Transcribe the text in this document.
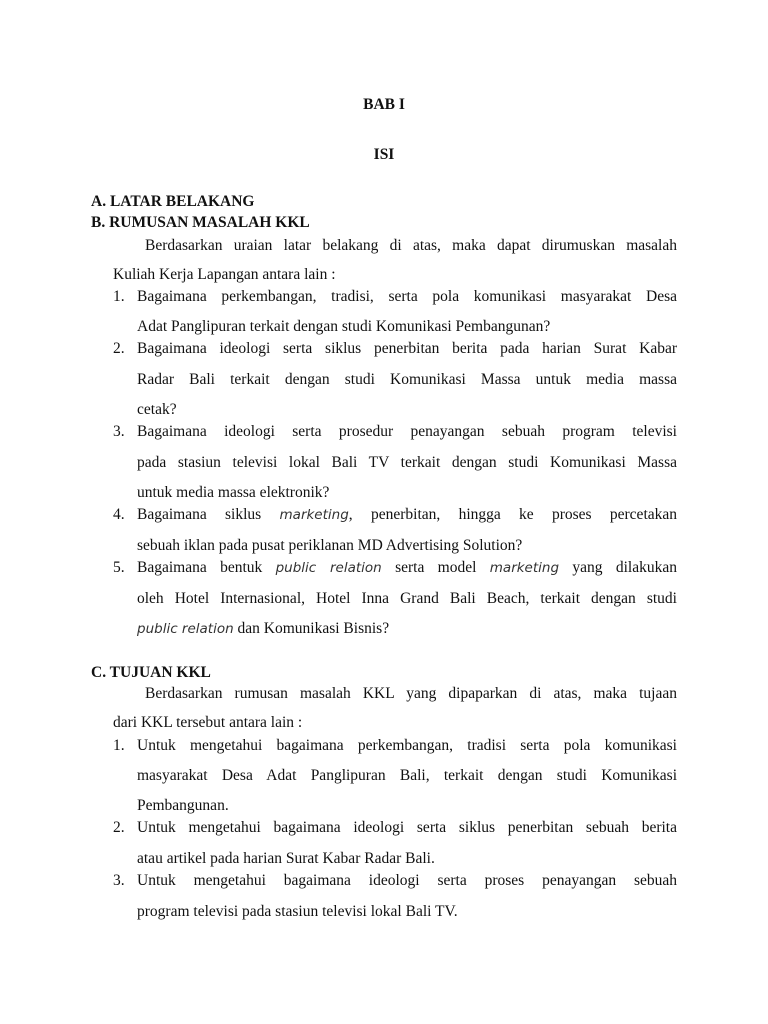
BAB I
ISI
A. LATAR BELAKANG
B. RUMUSAN MASALAH KKL
Berdasarkan uraian latar belakang di atas, maka dapat dirumuskan masalah
Kuliah Kerja Lapangan antara lain :
1. Bagaimana perkembangan, tradisi, serta pola komunikasi masyarakat Desa
Adat Panglipuran terkait dengan studi Komunikasi Pembangunan?
2. Bagaimana ideologi serta siklus penerbitan berita pada harian Surat Kabar
Radar Bali terkait dengan studi Komunikasi Massa untuk media massa
cetak?
3. Bagaimana ideologi serta prosedur penayangan sebuah program televisi
pada stasiun televisi lokal Bali TV terkait dengan studi Komunikasi Massa
untuk media massa elektronik?
4. Bagaimana siklus marketing, penerbitan, hingga ke proses percetakan
sebuah iklan pada pusat periklanan MD Advertising Solution?
5. Bagaimana bentuk public relation serta model marketing yang dilakukan
oleh Hotel Internasional, Hotel Inna Grand Bali Beach, terkait dengan studi
public relation dan Komunikasi Bisnis?
C. TUJUAN KKL
Berdasarkan rumusan masalah KKL yang dipaparkan di atas, maka tujaan
dari KKL tersebut antara lain :
1. Untuk mengetahui bagaimana perkembangan, tradisi serta pola komunikasi
masyarakat Desa Adat Panglipuran Bali, terkait dengan studi Komunikasi
Pembangunan.
2. Untuk mengetahui bagaimana ideologi serta siklus penerbitan sebuah berita
atau artikel pada harian Surat Kabar Radar Bali.
3. Untuk mengetahui bagaimana ideologi serta proses penayangan sebuah
program televisi pada stasiun televisi lokal Bali TV.
